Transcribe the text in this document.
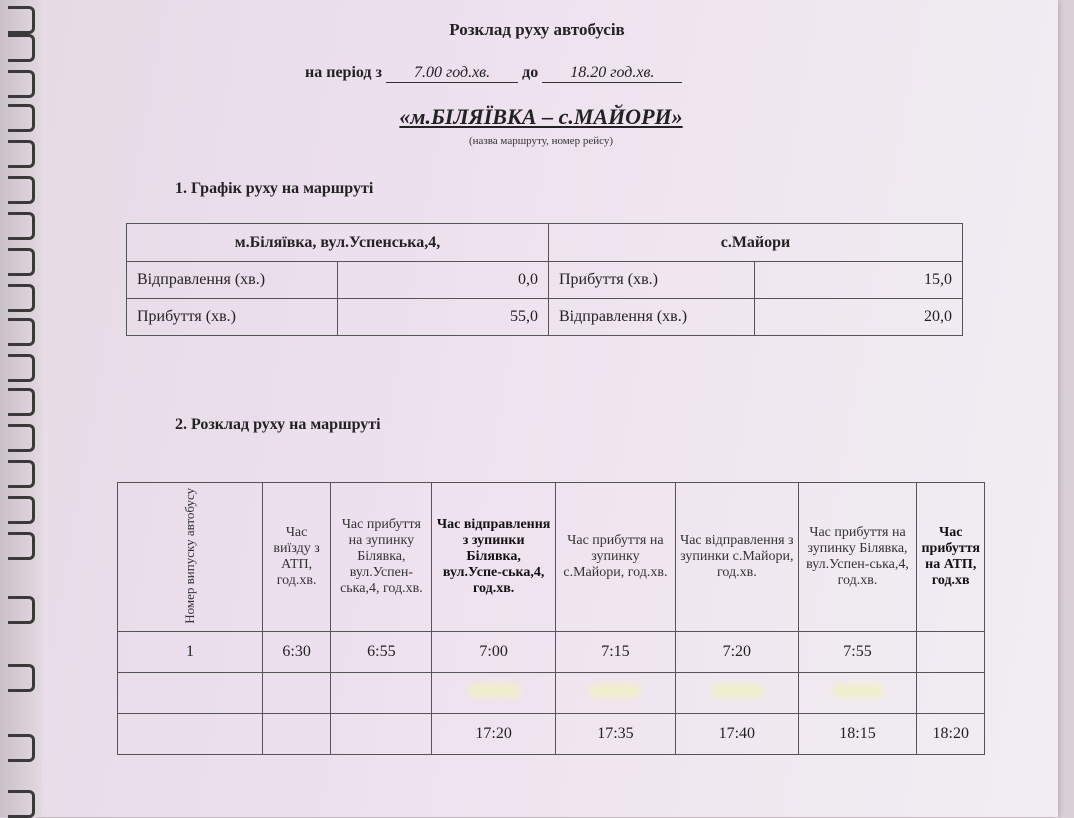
Розклад руху автобусів
на період з 7.00 год.хв. до 18.20 год.хв.
«м.БІЛЯЇВКА – с.МАЙОРИ»
(назва маршруту, номер рейсу)
1. Графік руху на маршруті
м.Біляївка, вул.Успенська,4,		с.Майори	
Відправлення (хв.)	0,0	Прибуття (хв.)	15,0
Прибуття (хв.)	55,0	Відправлення (хв.)	20,0
2. Розклад руху на маршруті
Номер випуску автобусу	Час виїзду з АТП, год.хв.	Час прибуття на зупинку Білявка, вул.Успен-ська,4, год.хв.	Час відправлення з зупинки Білявка, вул.Успе-ська,4, год.хв.	Час прибуття на зупинку с.Майори, год.хв.	Час відправлення з зупинки с.Майори, год.хв.	Час прибуття на зупинку Білявка, вул.Успен-ська,4, год.хв.	Час прибуття на АТП, год.хв
1	6:30	6:55	7:00	7:15	7:20	7:55	

			17:20	17:35	17:40	18:15	18:20
